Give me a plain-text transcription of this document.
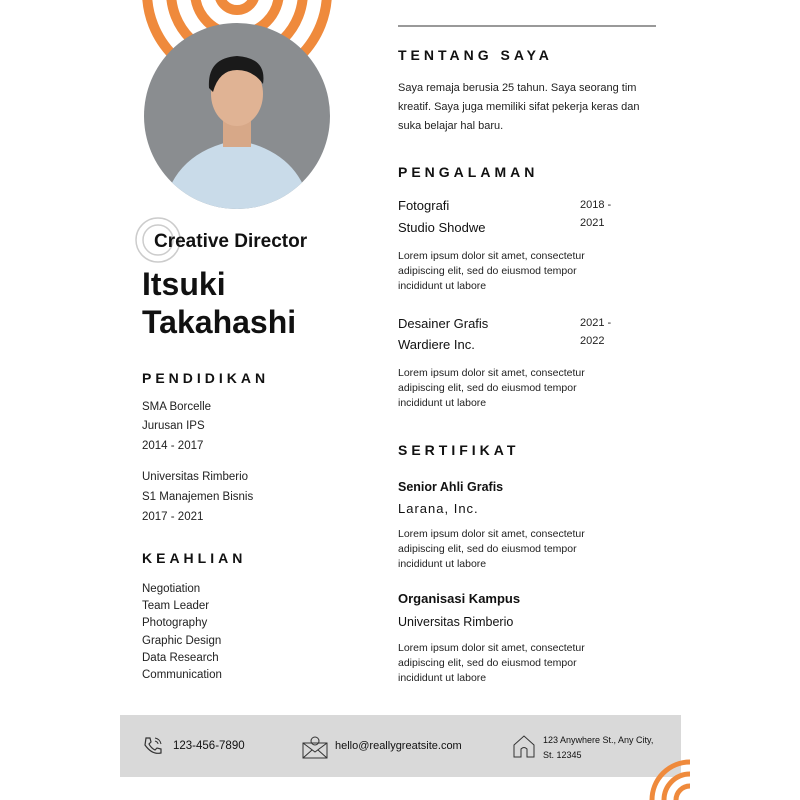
Creative Director
Itsuki
Takahashi
PENDIDIKAN
SMA Borcelle
Jurusan IPS
2014 - 2017
Universitas Rimberio
S1 Manajemen Bisnis
2017 - 2021
KEAHLIAN
Negotiation
Team Leader
Photography
Graphic Design
Data Research
Communication
TENTANG SAYA
Saya remaja berusia 25 tahun. Saya seorang tim kreatif. Saya juga memiliki sifat pekerja keras dan suka belajar hal baru.
PENGALAMAN
Fotografi
Studio Shodwe
2018 -
2021
Lorem ipsum dolor sit amet, consectetur adipiscing elit, sed do eiusmod tempor incididunt ut labore
Desainer Grafis
Wardiere Inc.
2021 -
2022
Lorem ipsum dolor sit amet, consectetur adipiscing elit, sed do eiusmod tempor incididunt ut labore
SERTIFIKAT
Senior Ahli Grafis
Larana, Inc.
Lorem ipsum dolor sit amet, consectetur adipiscing elit, sed do eiusmod tempor incididunt ut labore
Organisasi Kampus
Universitas Rimberio
Lorem ipsum dolor sit amet, consectetur adipiscing elit, sed do eiusmod tempor incididunt ut labore
123-456-7890	hello@reallygreatsite.com	123 Anywhere St., Any City,
St. 12345
